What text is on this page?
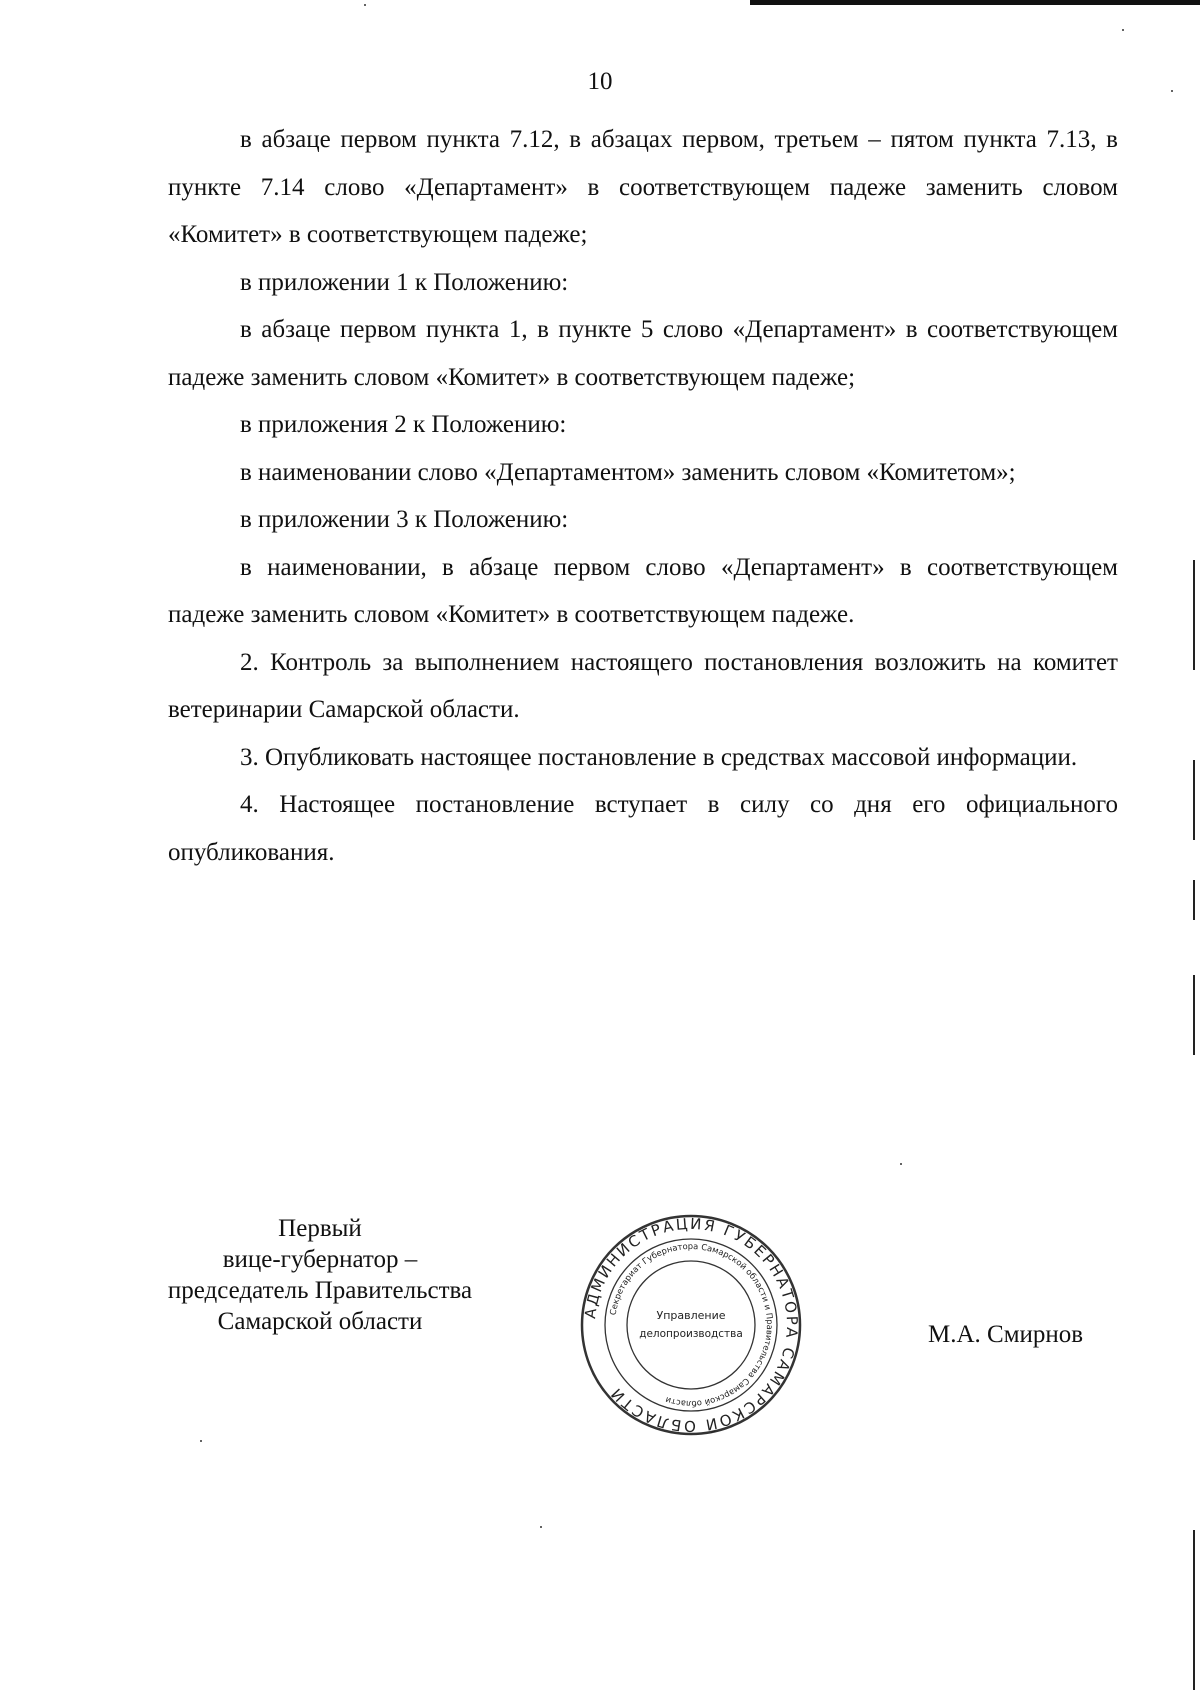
10

в абзаце первом пункта 7.12, в абзацах первом, третьем – пятом пункта 7.13, в пункте 7.14 слово «Департамент» в соответствующем падеже заменить словом «Комитет» в соответствующем падеже;

в приложении 1 к Положению:

в абзаце первом пункта 1, в пункте 5 слово «Департамент» в соответствующем падеже заменить словом «Комитет» в соответствующем падеже;

в приложения 2 к Положению:

в наименовании слово «Департаментом» заменить словом «Комитетом»;

в приложении 3 к Положению:

в наименовании, в абзаце первом слово «Департамент» в соответствующем падеже заменить словом «Комитет» в соответствующем падеже.

2. Контроль за выполнением настоящего постановления возложить на комитет ветеринарии Самарской области.

3. Опубликовать настоящее постановление в средствах массовой информации.

4. Настоящее постановление вступает в силу со дня его официального опубликования.

Первый
вице-губернатор –
председатель Правительства
Самарской области	АДМИНИСТРАЦИЯ ГУБЕРНАТОРА САМАРСКОЙ ОБЛАСТИ
Секретариат Губернатора Самарской области и Правительства Самарской области
Управление
делопроизводства	М.А. Смирнов
